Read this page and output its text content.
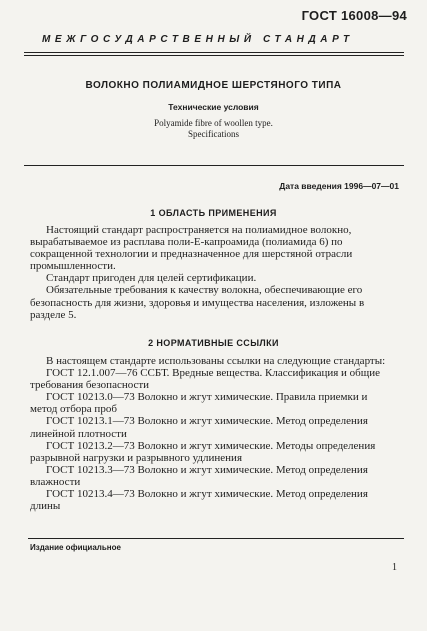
ГОСТ 16008—94
МЕЖГОСУДАРСТВЕННЫЙ СТАНДАРТ
ВОЛОКНО ПОЛИАМИДНОЕ ШЕРСТЯНОГО ТИПА
Технические условия
Polyamide fibre of woollen type.
Specifications
Дата введения 1996—07—01
1 ОБЛАСТЬ ПРИМЕНЕНИЯ

Настоящий стандарт распространяется на полиамидное волокно, вырабатываемое из расплава поли-Е-капроамида (полиамида 6) по сокращенной технологии и предназначенное для шерстяной отрасли промышленности.

Стандарт пригоден для целей сертификации.

Обязательные требования к качеству волокна, обеспечивающие его безопасность для жизни, здоровья и имущества населения, изложены в разделе 5.

2 НОРМАТИВНЫЕ ССЫЛКИ

В настоящем стандарте использованы ссылки на следующие стандарты:

ГОСТ 12.1.007—76 ССБТ. Вредные вещества. Классификация и общие требования безопасности

ГОСТ 10213.0—73 Волокно и жгут химические. Правила приемки и метод отбора проб

ГОСТ 10213.1—73 Волокно и жгут химические. Метод определения линейной плотности

ГОСТ 10213.2—73 Волокно и жгут химические. Методы определения разрывной нагрузки и разрывного удлинения

ГОСТ 10213.3—73 Волокно и жгут химические. Метод определения влажности

ГОСТ 10213.4—73 Волокно и жгут химические. Метод определения длины

Издание официальное
1
